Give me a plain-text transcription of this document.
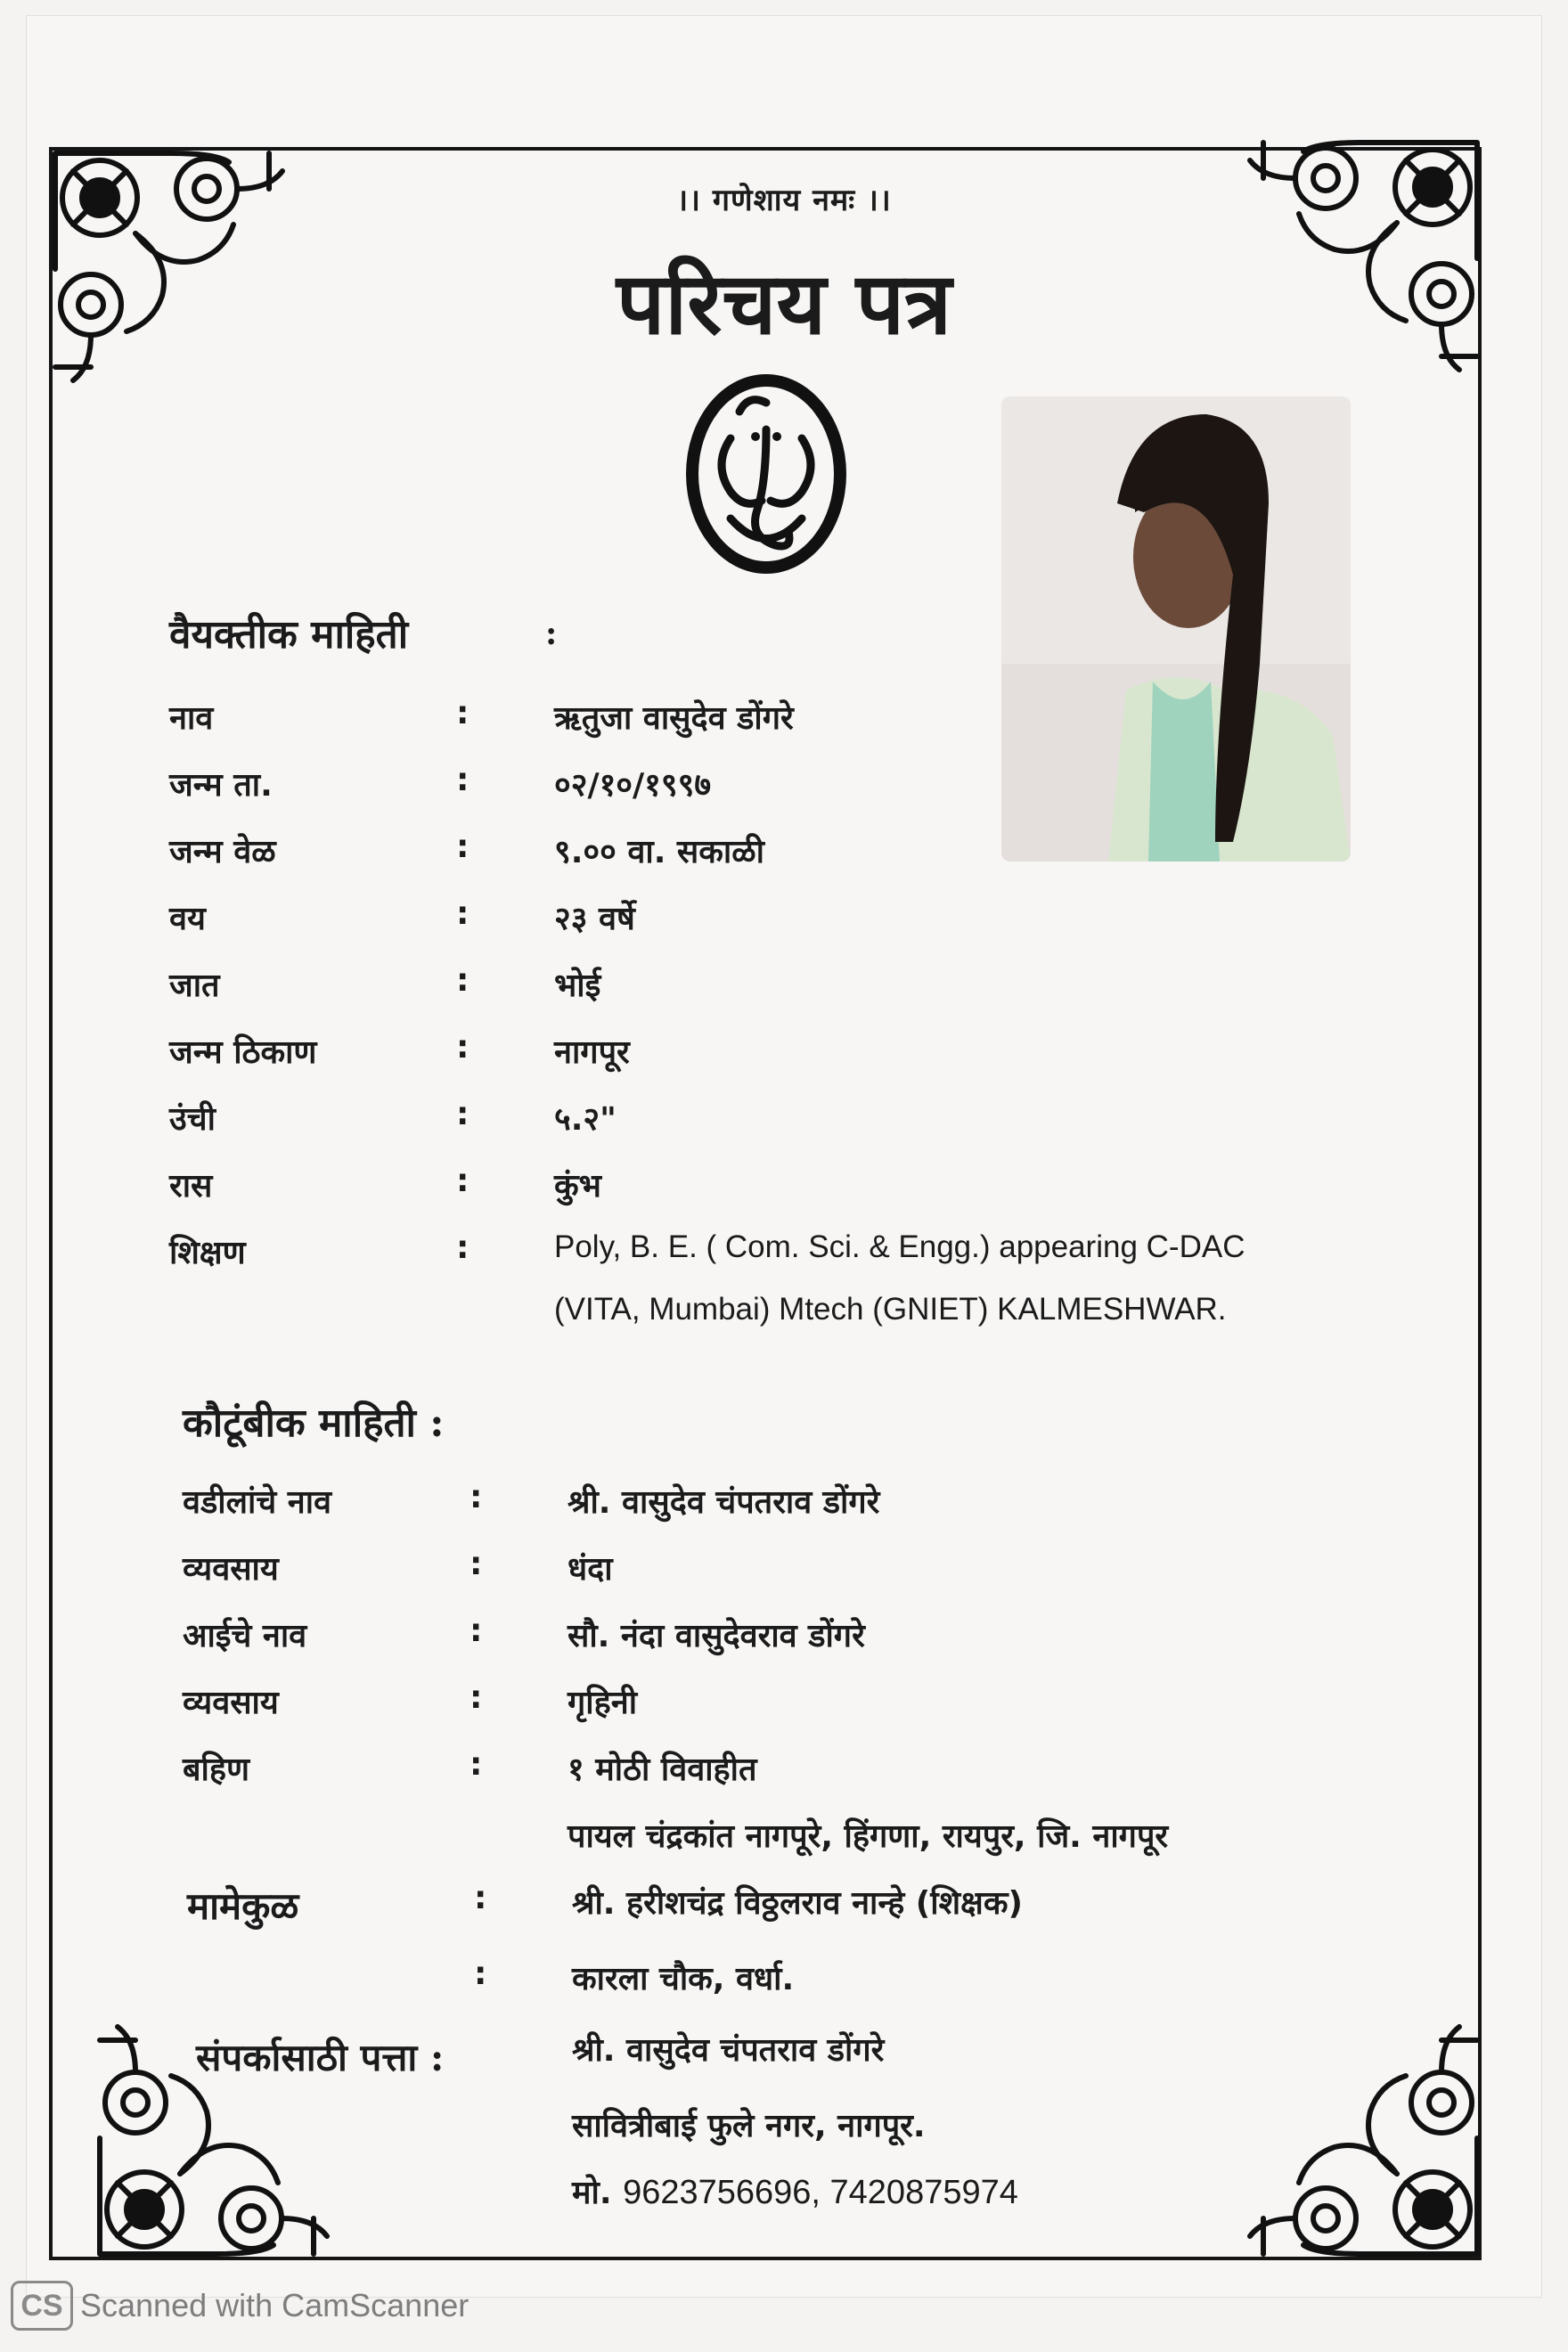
।। गणेशाय नमः ।।
परिचय पत्र
वैयक्तीक माहिती	:
नाव	:	ऋतुजा वासुदेव डोंगरे
जन्म ता.	:	०२/१०/१९९७
जन्म वेळ	:	९.०० वा. सकाळी
वय	:	२३ वर्षे
जात	:	भोई
जन्म ठिकाण	:	नागपूर
उंची	:	५.२"
रास	:	कुंभ
शिक्षण	:	Poly, B. E. ( Com. Sci. & Engg.) appearing C-DAC
(VITA, Mumbai) Mtech (GNIET) KALMESHWAR.
कौटूंबीक माहिती :
वडीलांचे नाव	:	श्री. वासुदेव चंपतराव डोंगरे
व्यवसाय	:	धंदा
आईचे नाव	:	सौ. नंदा वासुदेवराव डोंगरे
व्यवसाय	:	गृहिनी
बहिण	:	१ मोठी विवाहीत
पायल चंद्रकांत नागपूरे, हिंगणा, रायपुर, जि. नागपूर
मामेकुळ	:	श्री. हरीशचंद्र विठ्ठलराव नान्हे (शिक्षक)
:	कारला चौक, वर्धा.
संपर्कासाठी पत्ता :	श्री. वासुदेव चंपतराव डोंगरे
सावित्रीबाई फुले नगर, नागपूर.
मो. 9623756696, 7420875974
CS Scanned with CamScanner
